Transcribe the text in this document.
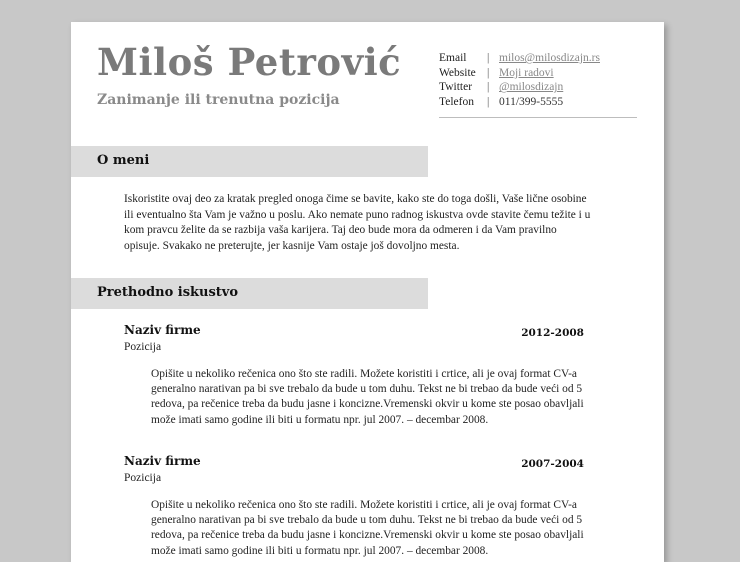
Miloš Petrović
Zanimanje ili trenutna pozicija
Email	| milos@milosdizajn.rs
Website | Moji radovi
Twitter	| @milosdizajn
Telefon	| 011/399-5555
O meni
Iskoristite ovaj deo za kratak pregled onoga čime se bavite, kako ste do toga došli, Vaše lične osobine ili eventualno šta Vam je važno u poslu. Ako nemate puno radnog iskustva ovde stavite čemu težite i u kom pravcu želite da se razbija vaša karijera. Taj deo bude mora da odmeren i da Vam pravilno opisuje. Svakako ne preterujte, jer kasnije Vam ostaje još dovoljno mesta.
Prethodno iskustvo
Naziv firme	2012-2008
Pozicija
Opišite u nekoliko rečenica ono što ste radili. Možete koristiti i crtice, ali je ovaj format CV-a generalno narativan pa bi sve trebalo da bude u tom duhu. Tekst ne bi trebao da bude veći od 5 redova, pa rečenice treba da budu jasne i koncizne.Vremenski okvir u kome ste posao obavljali može imati samo godine ili biti u formatu npr. jul 2007. – decembar 2008.
Naziv firme	2007-2004
Pozicija
Opišite u nekoliko rečenica ono što ste radili. Možete koristiti i crtice, ali je ovaj format CV-a generalno narativan pa bi sve trebalo da bude u tom duhu. Tekst ne bi trebao da bude veći od 5 redova, pa rečenice treba da budu jasne i koncizne.Vremenski okvir u kome ste posao obavljali može imati samo godine ili biti u formatu npr. jul 2007. – decembar 2008.
